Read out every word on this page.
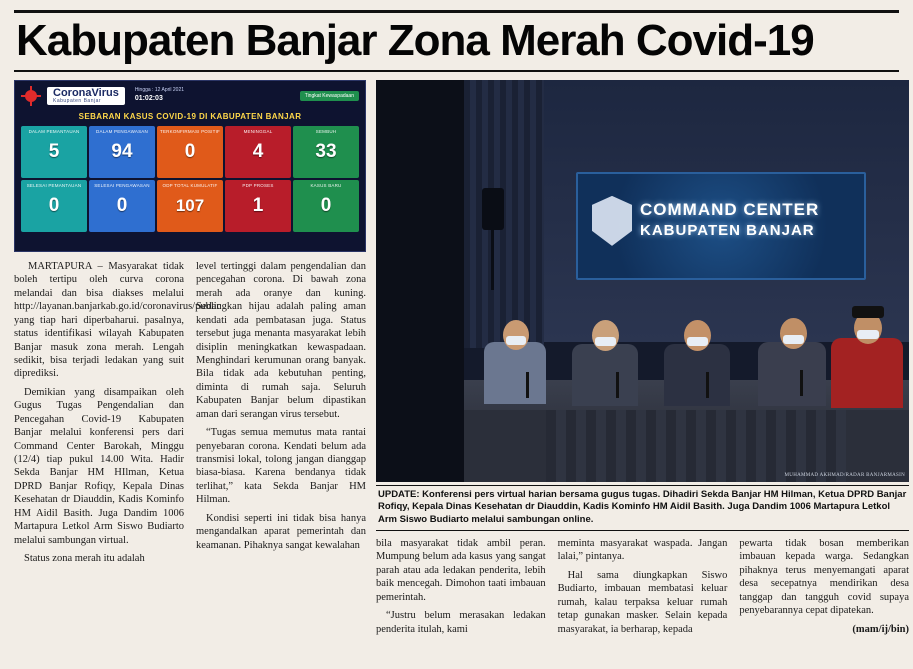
Kabupaten Banjar Zona Merah Covid-19
CoronaVirus
Kabupaten Banjar
Hingga : 12 April 2021
01:02:03	Tingkat Kewaspadaan
SEBARAN KASUS COVID-19 DI KABUPATEN BANJAR
DALAM PEMANTAUAN
5
DALAM PENGAWASAN
94
TERKONFIRMASI POSITIF
0
MENINGGAL
4
SEMBUH
33
SELESAI PEMANTAUAN
0
SELESAI PENGAWASAN
0
ODP TOTAL KUMULATIF
107
PDP PROSES
1
KASUS BARU
0

MARTAPURA – Masyarakat tidak boleh tertipu oleh curva corona melandai dan bisa diakses melalui http://layanan.banjarkab.go.id/coronavirus/public yang tiap hari diperbaharui. pasalnya, status identifikasi wilayah Kabupaten Banjar masuk zona merah. Lengah sedikit, bisa terjadi ledakan yang suit diprediksi.

Demikian yang disampaikan oleh Gugus Tugas Pengendalian dan Pencegahan Covid-19 Kabupaten Banjar melalui konferensi pers dari Command Center Barokah, Minggu (12/4) tiap pukul 14.00 Wita. Hadir Sekda Banjar HM HIlman, Ketua DPRD Banjar Rofiqy, Kepala Dinas Kesehatan dr Diauddin, Kadis Kominfo HM Aidil Basith. Juga Dandim 1006 Martapura Letkol Arm Siswo Budiarto melalui sambungan virtual.

Status zona merah itu adalah

level tertinggi dalam pengendalian dan pencegahan corona. Di bawah zona merah ada oranye dan kuning. Sedangkan hijau adalah paling aman kendati ada pembatasan juga. Status tersebut juga menanta masyarakat lebih disiplin meningkatkan kewaspadaan. Menghindari kerumunan orang banyak. Bila tidak ada kebutuhan penting, diminta di rumah saja. Seluruh Kabupaten Banjar belum dipastikan aman dari serangan virus tersebut.

“Tugas semua memutus mata rantai penyebaran corona. Kendati belum ada transmisi lokal, tolong jangan dianggap biasa-biasa. Karena bendanya tidak terlihat,” kata Sekda Banjar HM Hilman.

Kondisi seperti ini tidak bisa hanya mengandalkan aparat pemerintah dan keamanan. Pihaknya sangat kewalahan

COMMAND CENTER
KABUPATEN BANJAR
MUHAMMAD AKHMAD/RADAR BANJARMASIN
UPDATE: Konferensi pers virtual harian bersama gugus tugas. Dihadiri Sekda Banjar HM Hilman, Ketua DPRD Banjar Rofiqy, Kepala Dinas Kesehatan dr Diauddin, Kadis Kominfo HM Aidil Basith. Juga Dandim 1006 Martapura Letkol Arm Siswo Budiarto melalui sambungan online.

bila masyarakat tidak ambil peran. Mumpung belum ada kasus yang sangat parah atau ada ledakan penderita, lebih baik mencegah. Dimohon taati imbauan pemerintah.

“Justru belum merasakan ledakan penderita itulah, kami

meminta masyarakat waspada. Jangan lalai,” pintanya.

Hal sama diungkapkan Siswo Budiarto, imbauan membatasi keluar rumah, kalau terpaksa keluar rumah tetap gunakan masker. Selain kepada masyarakat, ia berharap, kepada

pewarta tidak bosan memberikan imbauan kepada warga. Sedangkan pihaknya terus menyemangati aparat desa secepatnya mendirikan desa tanggap dan tangguh covid supaya penyebarannya cepat dipatekan.

(mam/ij/bin)
